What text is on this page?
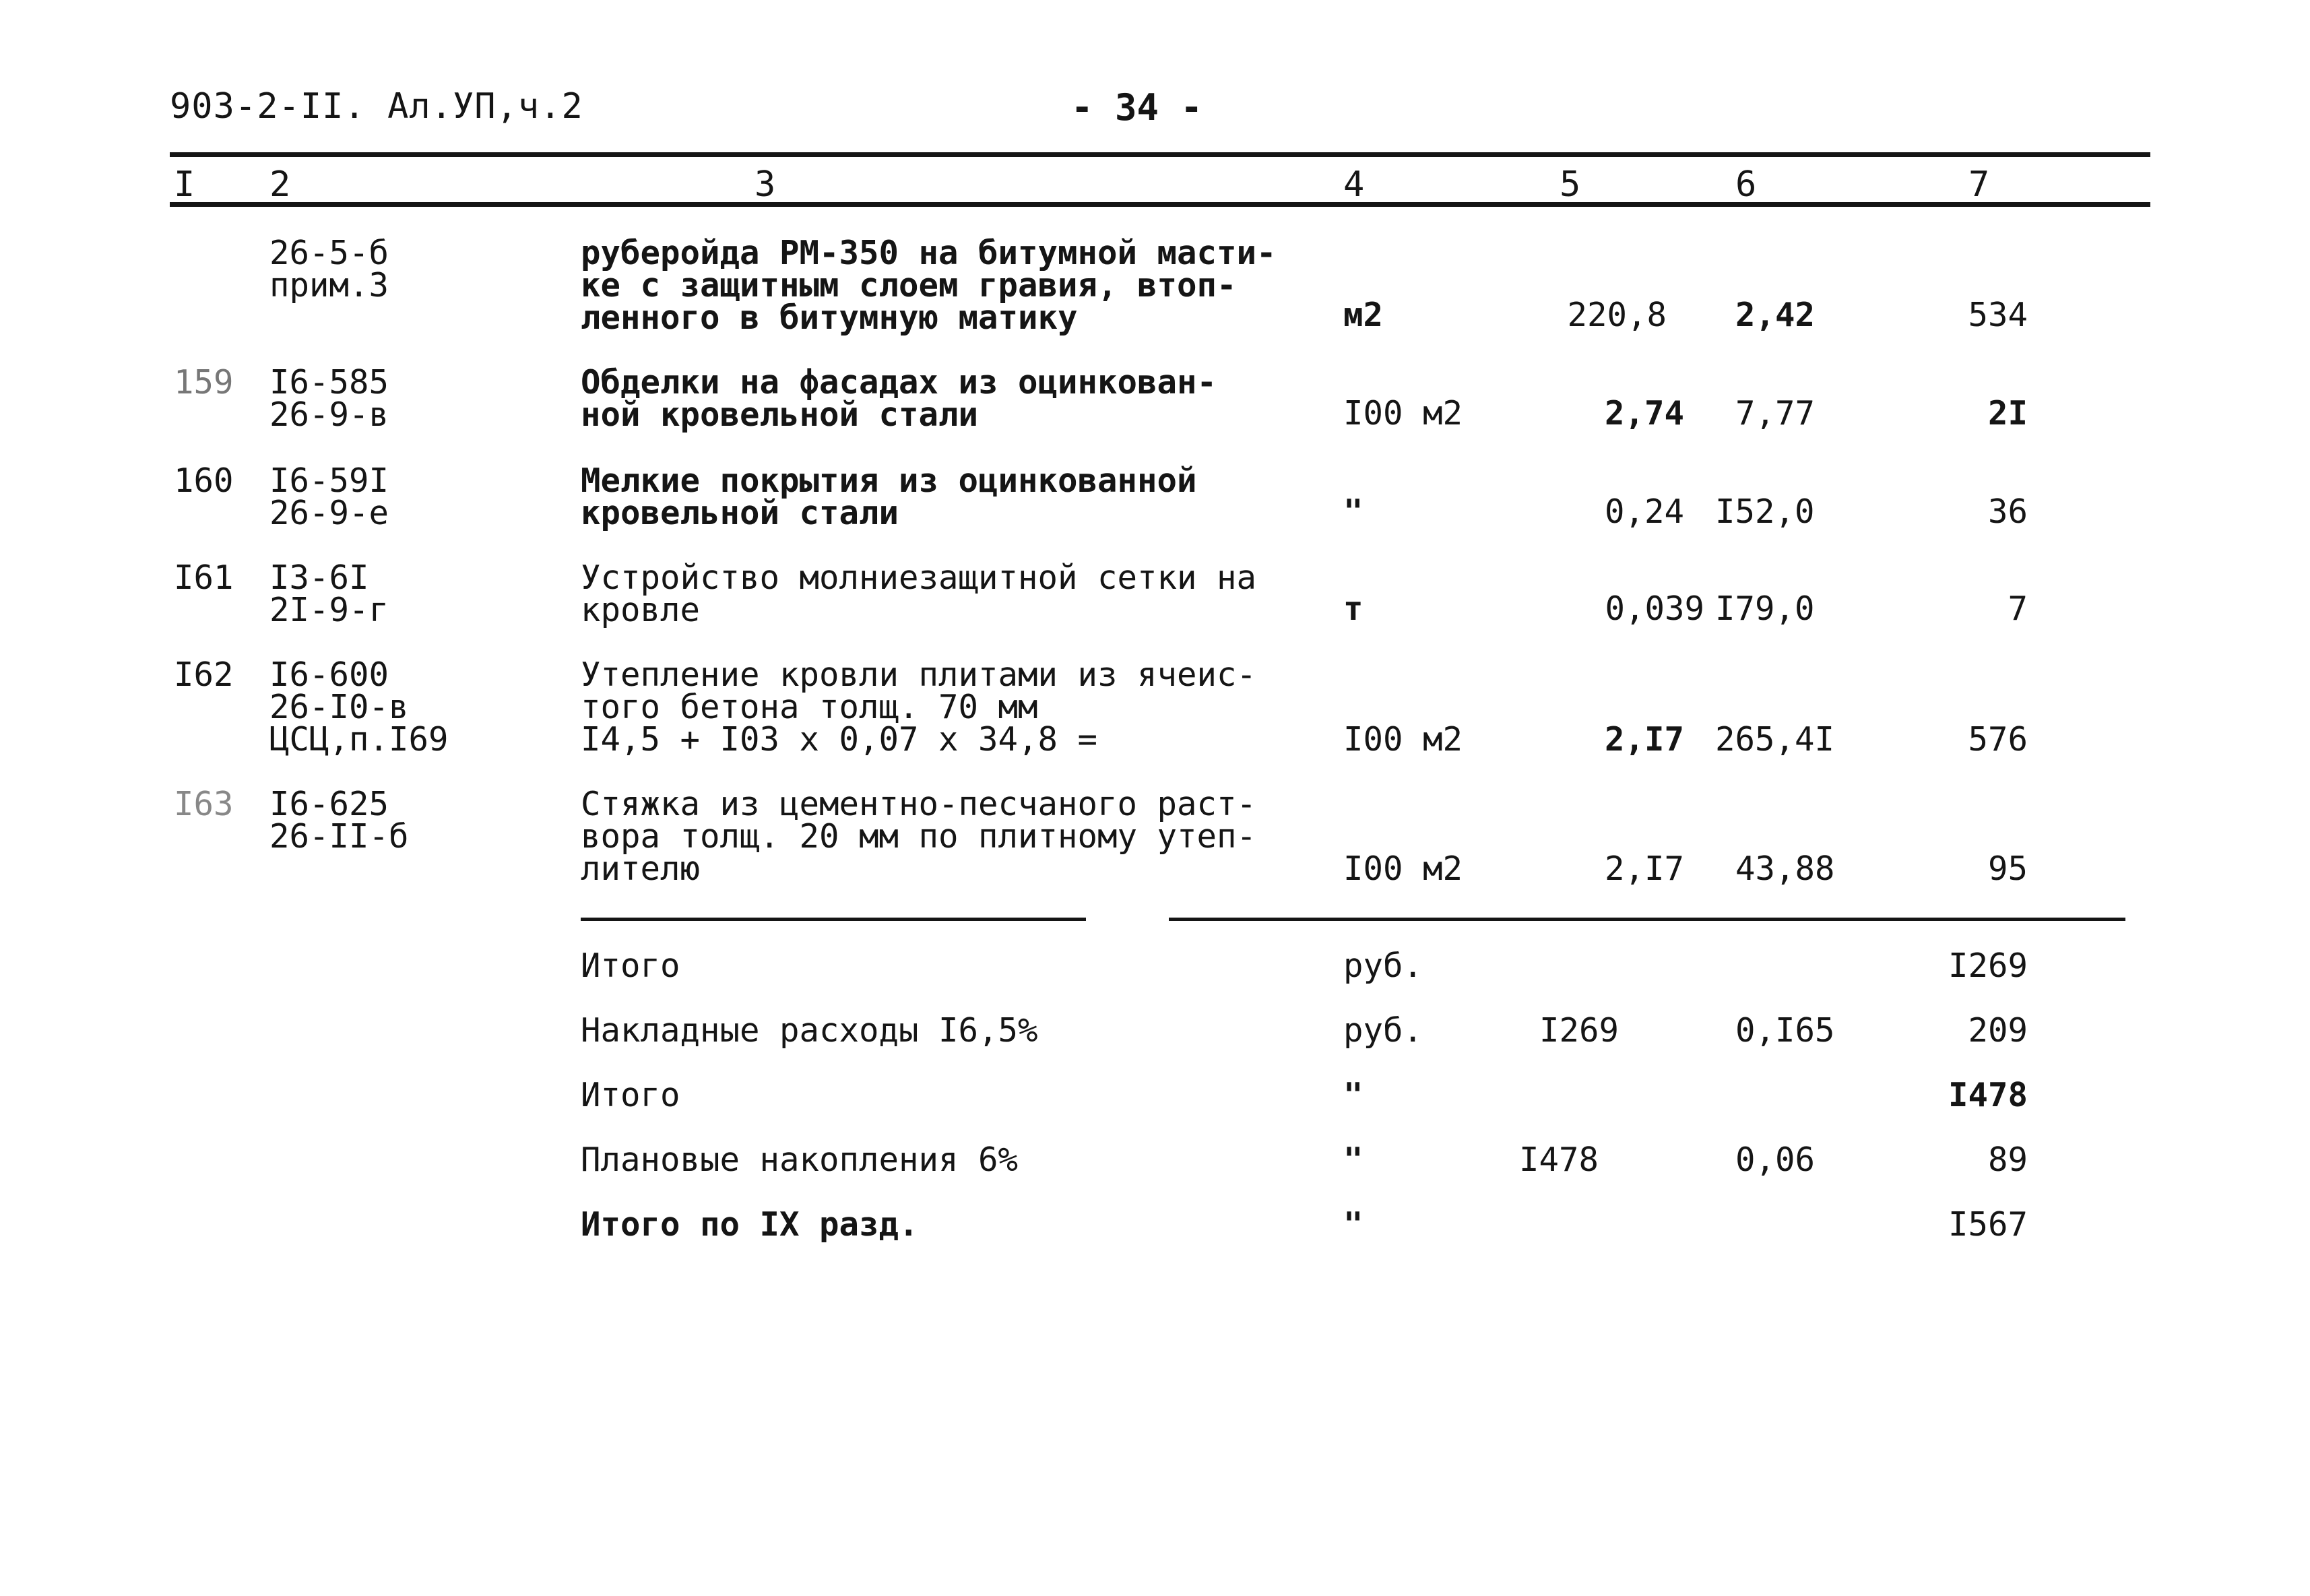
903-2-II. Ал.УП,ч.2	- 34 -
I 2	3	4	5	6	7
26-5-б
прим.3
руберойда РМ-350 на битумной масти-
ке с защитным слоем гравия, втоп-
ленного в битумную матику	м2	220,8 2,42	534
159 I6-585
26-9-в
Обделки на фасадах из оцинкован-
ной кровельной стали	I00 м2	2,74 7,77	2I
160 I6-59I
26-9-е
Мелкие покрытия из оцинкованной
кровельной стали	"	0,24 I52,0	36
I61 I3-6I
2I-9-г
Устройство молниезащитной сетки на
кровле	т	0,039 I79,0	7
I62 I6-600
26-I0-в
ЦСЦ,п.I69
Утепление кровли плитами из ячеис-
того бетона толщ. 70 мм
I4,5 + I03 x 0,07 x 34,8 =	I00 м2	2,I7 265,4I	576
I63 I6-625
26-II-б
Стяжка из цементно-песчаного раст-
вора толщ. 20 мм по плитному утеп-
лителю	I00 м2	2,I7 43,88	95
Итого	руб.	I269
Накладные расходы I6,5%	руб.	I269	0,I65	209
Итого	"	I478
Плановые накопления 6%	"	I478	0,06	89
Итого по IX разд.	"	I567
